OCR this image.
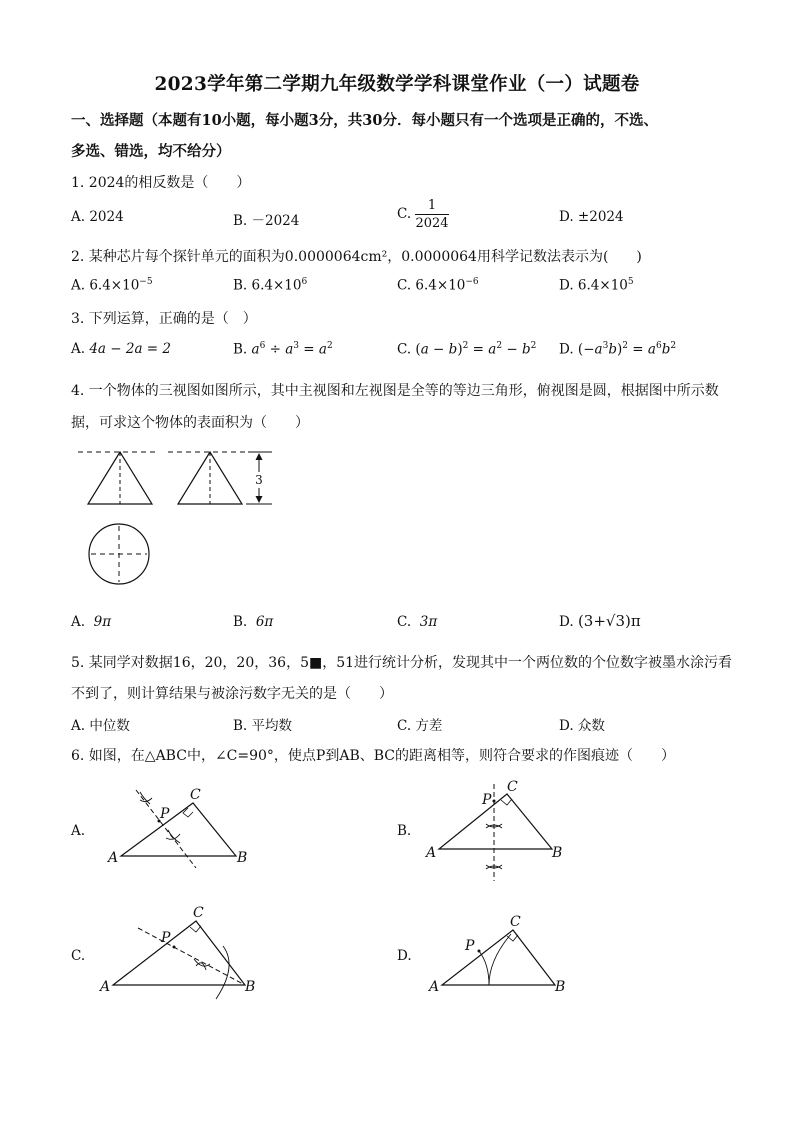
2023学年第二学期九年级数学学科课堂作业（一）试题卷
一、选择题（本题有10小题，每小题3分，共30分．每小题只有一个选项是正确的，不选、
多选、错选，均不给分）
1. 2024的相反数是（　　）
A. 2024	B. －2024	C. $\frac{1}{2024}$	D. ±2024
2. 某种芯片每个探针单元的面积为0.0000064cm²，0.0000064用科学记数法表示为(　　)
A. $6.4\times 10^{-5}$	B. $6.4\times 10^6$	C. $6.4\times 10^{-6}$	D. $6.4\times 10^5$
3. 下列运算，正确的是（　）
A. 4a − 2a = 2	B. $a^6 \div a^3 = a^2$	C. $(a - b)^2 = a^2 - b^2$ D. $(-a^3b)^2 = a^6b^2$
4. 一个物体的三视图如图所示，其中主视图和左视图是全等的等边三角形，俯视图是圆，根据图中所示数
据，可求这个物体的表面积为（　　）
3
A. 9π	B. 6π	C. 3π	D. (3+√3)π
5. 某同学对数据16，20，20，36，5■，51进行统计分析，发现其中一个两位数的个位数字被墨水涂污看
不到了，则计算结果与被涂污数字无关的是（　　）
A. 中位数	B. 平均数	C. 方差	D. 众数
6. 如图，在△ABC中，∠C=90°，使点P到AB、BC的距离相等，则符合要求的作图痕迹（　　）
A.	B.
C.	D.
A	B
C
P
A	B
C
P
A	B
C
P
A	B
C
P
